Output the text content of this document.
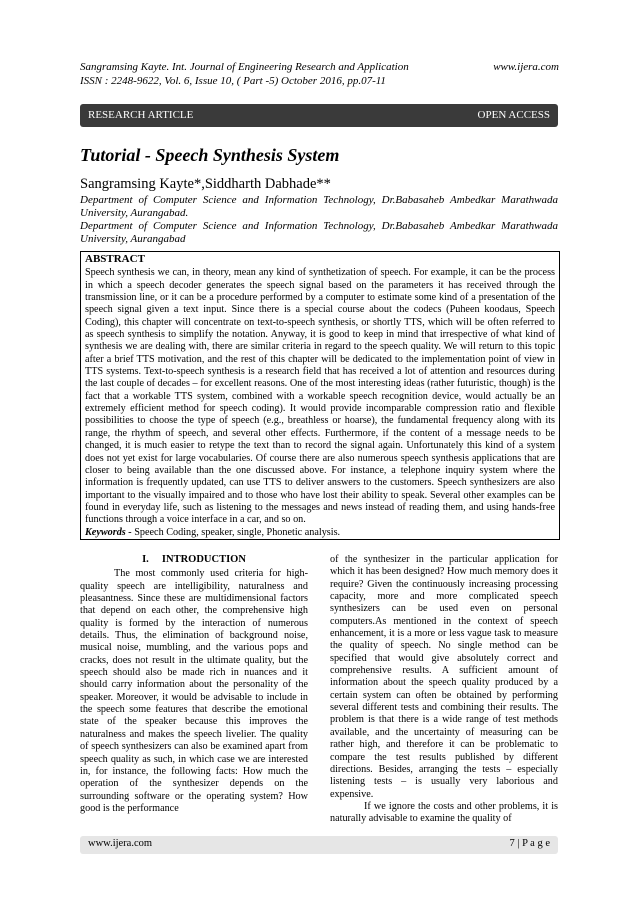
Sangramsing Kayte. Int. Journal of Engineering Research and Application
ISSN : 2248-9622, Vol. 6, Issue 10, ( Part -5) October 2016, pp.07-11
www.ijera.com
RESEARCH ARTICLE	OPEN ACCESS
Tutorial - Speech Synthesis System
Sangramsing Kayte*,Siddharth Dabhade**

Department of Computer Science and Information Technology, Dr.Babasaheb Ambedkar Marathwada University, Aurangabad.

Department of Computer Science and Information Technology, Dr.Babasaheb Ambedkar Marathwada University, Aurangabad

ABSTRACT

Speech synthesis we can, in theory, mean any kind of synthetization of speech. For example, it can be the process in which a speech decoder generates the speech signal based on the parameters it has received through the transmission line, or it can be a procedure performed by a computer to estimate some kind of a presentation of the speech signal given a text input. Since there is a special course about the codecs (Puheen koodaus, Speech Coding), this chapter will concentrate on text-to-speech synthesis, or shortly TTS, which will be often referred to as speech synthesis to simplify the notation. Anyway, it is good to keep in mind that irrespective of what kind of synthesis we are dealing with, there are similar criteria in regard to the speech quality. We will return to this topic after a brief TTS motivation, and the rest of this chapter will be dedicated to the implementation point of view in TTS systems. Text-to-speech synthesis is a research field that has received a lot of attention and resources during the last couple of decades – for excellent reasons. One of the most interesting ideas (rather futuristic, though) is the fact that a workable TTS system, combined with a workable speech recognition device, would actually be an extremely efficient method for speech coding). It would provide incomparable compression ratio and flexible possibilities to choose the type of speech (e.g., breathless or hoarse), the fundamental frequency along with its range, the rhythm of speech, and several other effects. Furthermore, if the content of a message needs to be changed, it is much easier to retype the text than to record the signal again. Unfortunately this kind of a system does not yet exist for large vocabularies. Of course there are also numerous speech synthesis applications that are closer to being available than the one discussed above. For instance, a telephone inquiry system where the information is frequently updated, can use TTS to deliver answers to the customers. Speech synthesizers are also important to the visually impaired and to those who have lost their ability to speak. Several other examples can be found in everyday life, such as listening to the messages and news instead of reading them, and using hands-free functions through a voice interface in a car, and so on.

Keywords - Speech Coding, speaker, single, Phonetic analysis.

I.     INTRODUCTION

The most commonly used criteria for high-quality speech are intelligibility, naturalness and pleasantness. Since these are multidimensional factors that depend on each other, the comprehensive high quality is formed by the interaction of numerous details. Thus, the elimination of background noise, musical noise, mumbling, and the various pops and cracks, does not result in the ultimate quality, but the speech should also be made rich in nuances and it should carry information about the personality of the speaker. Moreover, it would be advisable to include in the speech some features that describe the emotional state of the speaker because this improves the naturalness and makes the speech livelier. The quality of speech synthesizers can also be examined apart from speech quality as such, in which case we are interested in, for instance, the following facts: How much the operation of the synthesizer depends on the surrounding software or the operating system? How good is the performance

of the synthesizer in the particular application for which it has been designed? How much memory does it require? Given the continuously increasing processing capacity, more and more complicated speech synthesizers can be used even on personal computers.As mentioned in the context of speech enhancement, it is a more or less vague task to measure the quality of speech. No single method can be specified that would give absolutely correct and comprehensive results. A sufficient amount of information about the speech quality produced by a certain system can often be obtained by performing several different tests and combining their results. The problem is that there is a wide range of test methods available, and the uncertainty of measuring can be rather high, and therefore it can be problematic to compare the test results published by different directions. Besides, arranging the tests – especially listening tests – is usually very laborious and expensive.

If we ignore the costs and other problems, it is naturally advisable to examine the quality of

www.ijera.com	7 | P a g e
